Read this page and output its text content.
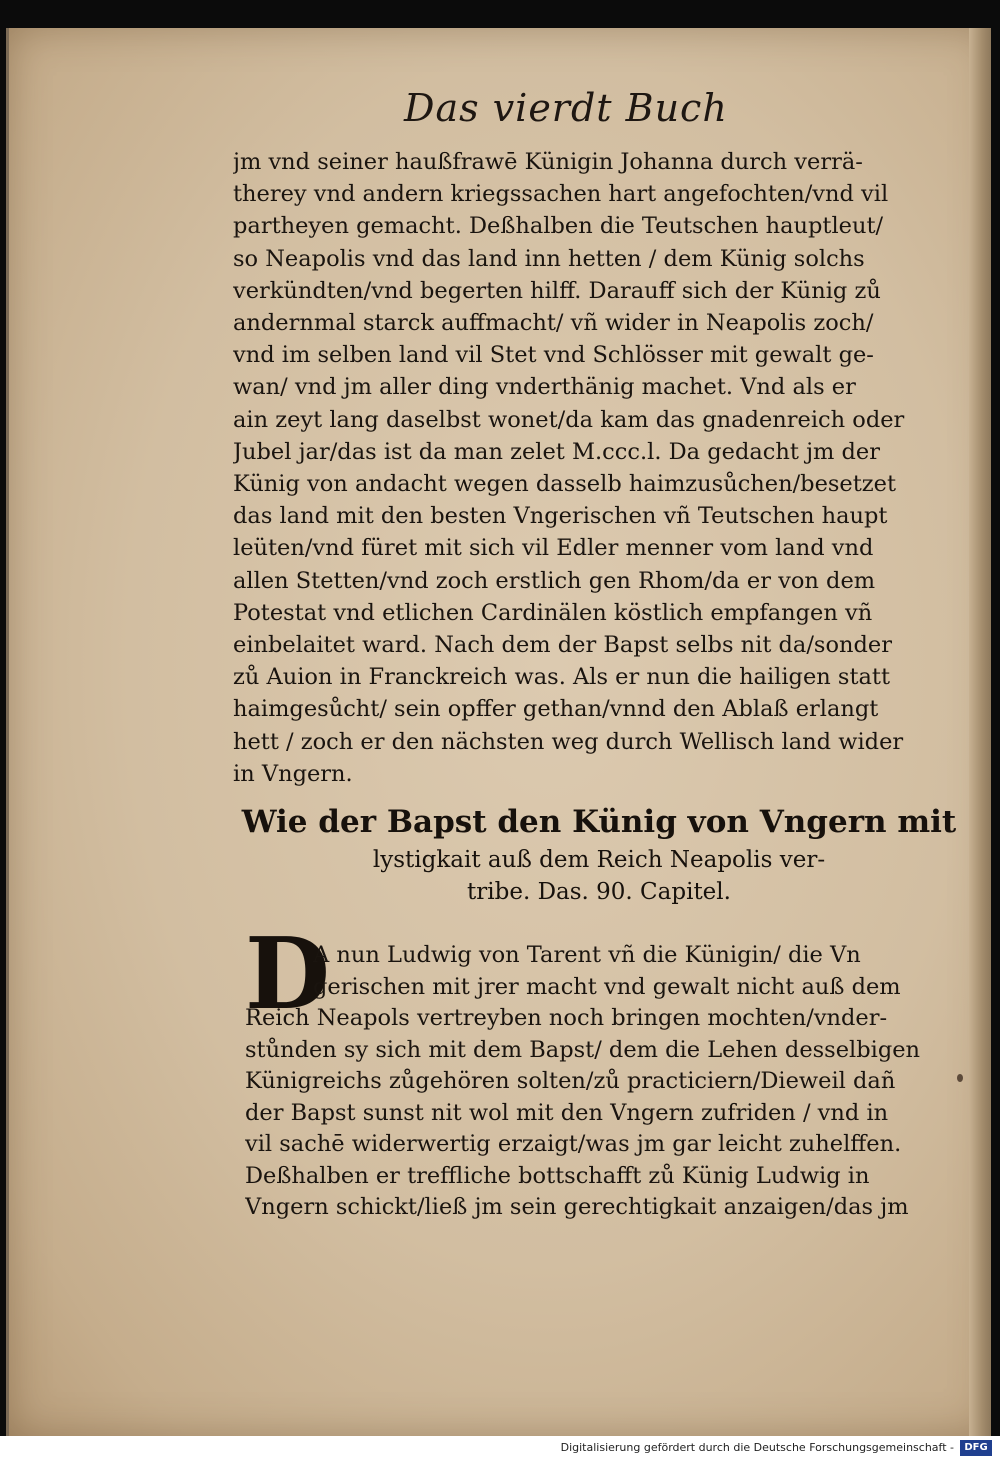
Das vierdt Buch
jm vnd seiner haußfrawē Künigin Johanna durch verrä-
therey vnd andern kriegssachen hart angefochten/vnd vil
partheyen gemacht. Deßhalben die Teutschen hauptleut/
so Neapolis vnd das land inn hetten / dem Künig solchs
verkündten/vnd begerten hilff. Darauff sich der Künig zů
andernmal starck auffmacht/ vñ wider in Neapolis zoch/
vnd im selben land vil Stet vnd Schlösser mit gewalt ge-
wan/ vnd jm aller ding vnderthänig machet. Vnd als er
ain zeyt lang daselbst wonet/da kam das gnadenreich oder
Jubel jar/das ist da man zelet M.ccc.l. Da gedacht jm der
Künig von andacht wegen dasselb haimzusůchen/besetzet
das land mit den besten Vngerischen vñ Teutschen haupt
leüten/vnd füret mit sich vil Edler menner vom land vnd
allen Stetten/vnd zoch erstlich gen Rhom/da er von dem
Potestat vnd etlichen Cardinälen köstlich empfangen vñ
einbelaitet ward. Nach dem der Bapst selbs nit da/sonder
zů Auion in Franckreich was. Als er nun die hailigen statt
haimgesůcht/ sein opffer gethan/vnnd den Ablaß erlangt
hett / zoch er den nächsten weg durch Wellisch land wider
in Vngern.
Wie der Bapst den Künig von Vngern mit
lystigkait auß dem Reich Neapolis ver-
tribe. Das. 90. Capitel.
D
A nun Ludwig von Tarent vñ die Künigin/ die Vn
gerischen mit jrer macht vnd gewalt nicht auß dem
Reich Neapols vertreyben noch bringen mochten/vnder-
stůnden sy sich mit dem Bapst/ dem die Lehen desselbigen
Künigreichs zůgehören solten/zů practiciern/Dieweil dañ
der Bapst sunst nit wol mit den Vngern zufriden / vnd in
vil sachē widerwertig erzaigt/was jm gar leicht zuhelffen.
Deßhalben er treffliche bottschafft zů Künig Ludwig in
Vngern schickt/ließ jm sein gerechtigkait anzaigen/das jm
Digitalisierung gefördert durch die Deutsche Forschungsgemeinschaft -	DFG
